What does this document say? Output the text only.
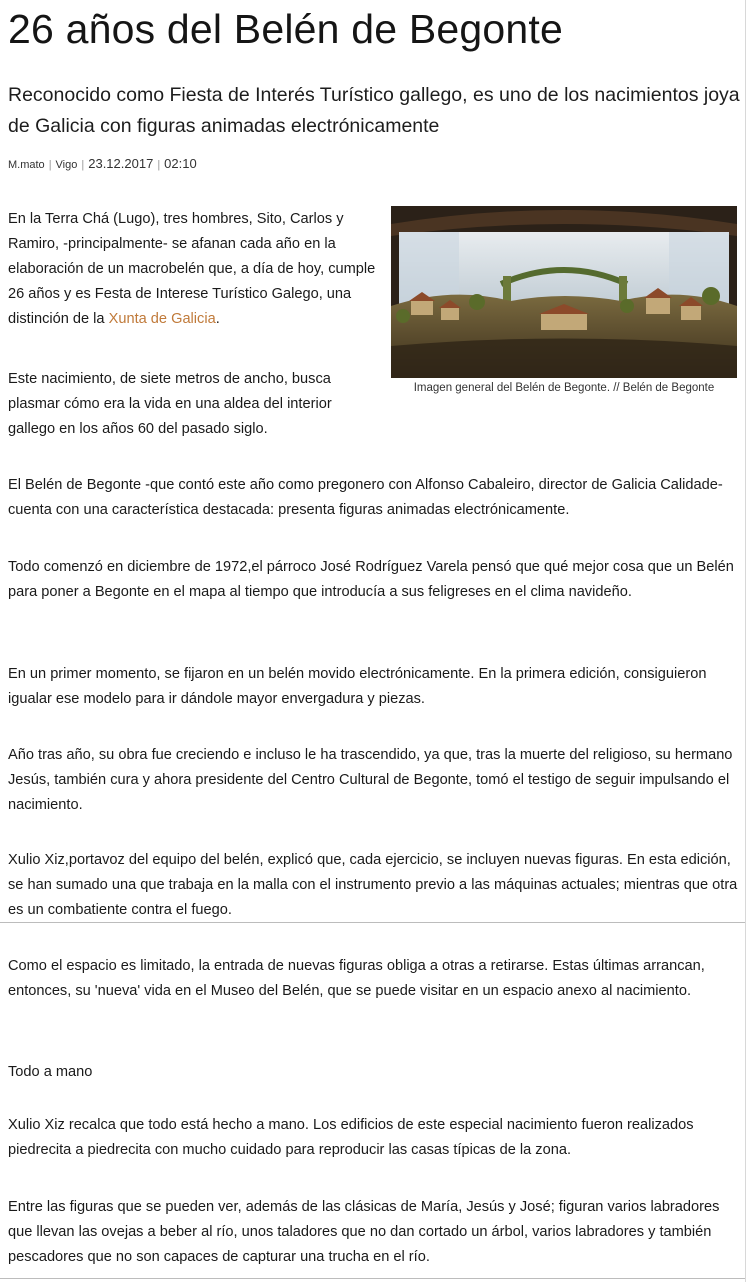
26 años del Belén de Begonte
Reconocido como Fiesta de Interés Turístico gallego, es uno de los nacimientos joya de Galicia con figuras animadas electrónicamente
M.mato | Vigo | 23.12.2017 | 02:10

En la Terra Chá (Lugo), tres hombres, Sito, Carlos y Ramiro, -principalmente- se afanan cada año en la elaboración de un macrobelén que, a día de hoy, cumple 26 años y es Festa de Interese Turístico Galego, una distinción de la Xunta de Galicia.

Imagen general del Belén de Begonte. // Belén de Begonte

Este nacimiento, de siete metros de ancho, busca plasmar cómo era la vida en una aldea del interior gallego en los años 60 del pasado siglo.

El Belén de Begonte -que contó este año como pregonero con Alfonso Cabaleiro, director de Galicia Calidade- cuenta con una característica destacada: presenta figuras animadas electrónicamente.

Todo comenzó en diciembre de 1972,el párroco José Rodríguez Varela pensó que qué mejor cosa que un Belén para poner a Begonte en el mapa al tiempo que introducía a sus feligreses en el clima navideño.

En un primer momento, se fijaron en un belén movido electrónicamente. En la primera edición, consiguieron igualar ese modelo para ir dándole mayor envergadura y piezas.

Año tras año, su obra fue creciendo e incluso le ha trascendido, ya que, tras la muerte del religioso, su hermano Jesús, también cura y ahora presidente del Centro Cultural de Begonte, tomó el testigo de seguir impulsando el nacimiento.

Xulio Xiz,portavoz del equipo del belén, explicó que, cada ejercicio, se incluyen nuevas figuras. En esta edición, se han sumado una que trabaja en la malla con el instrumento previo a las máquinas actuales; mientras que otra es un combatiente contra el fuego.

Como el espacio es limitado, la entrada de nuevas figuras obliga a otras a retirarse. Estas últimas arrancan, entonces, su 'nueva' vida en el Museo del Belén, que se puede visitar en un espacio anexo al nacimiento.

Todo a mano

Xulio Xiz recalca que todo está hecho a mano. Los edificios de este especial nacimiento fueron realizados piedrecita a piedrecita con mucho cuidado para reproducir las casas típicas de la zona.

Entre las figuras que se pueden ver, además de las clásicas de María, Jesús y José; figuran varios labradores que llevan las ovejas a beber al río, unos taladores que no dan cortado un árbol, varios labradores y también pescadores que no son capaces de capturar una trucha en el río.
